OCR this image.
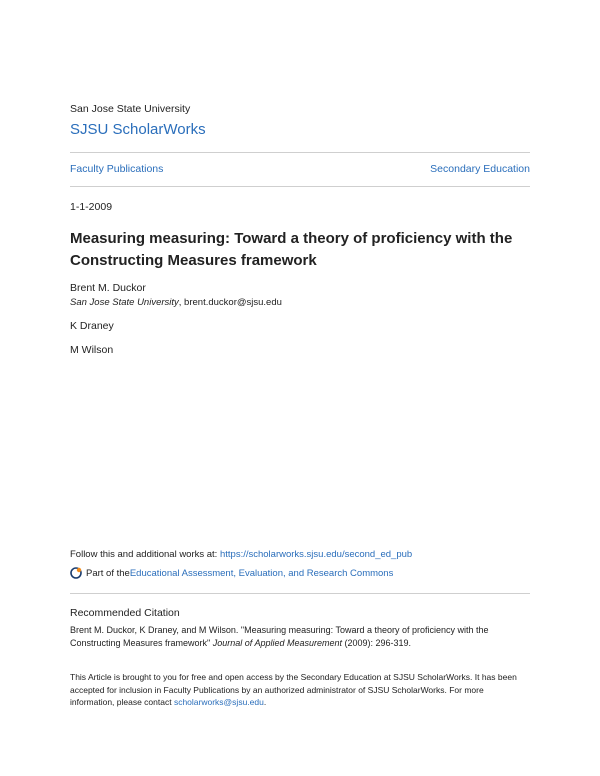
San Jose State University
SJSU ScholarWorks
Faculty Publications	Secondary Education
1-1-2009
Measuring measuring: Toward a theory of proficiency with the Constructing Measures framework
Brent M. Duckor
San Jose State University, brent.duckor@sjsu.edu
K Draney
M Wilson
Follow this and additional works at: https://scholarworks.sjsu.edu/second_ed_pub
Part of the Educational Assessment, Evaluation, and Research Commons
Recommended Citation
Brent M. Duckor, K Draney, and M Wilson. "Measuring measuring: Toward a theory of proficiency with the Constructing Measures framework" Journal of Applied Measurement (2009): 296-319.
This Article is brought to you for free and open access by the Secondary Education at SJSU ScholarWorks. It has been accepted for inclusion in Faculty Publications by an authorized administrator of SJSU ScholarWorks. For more information, please contact scholarworks@sjsu.edu.
